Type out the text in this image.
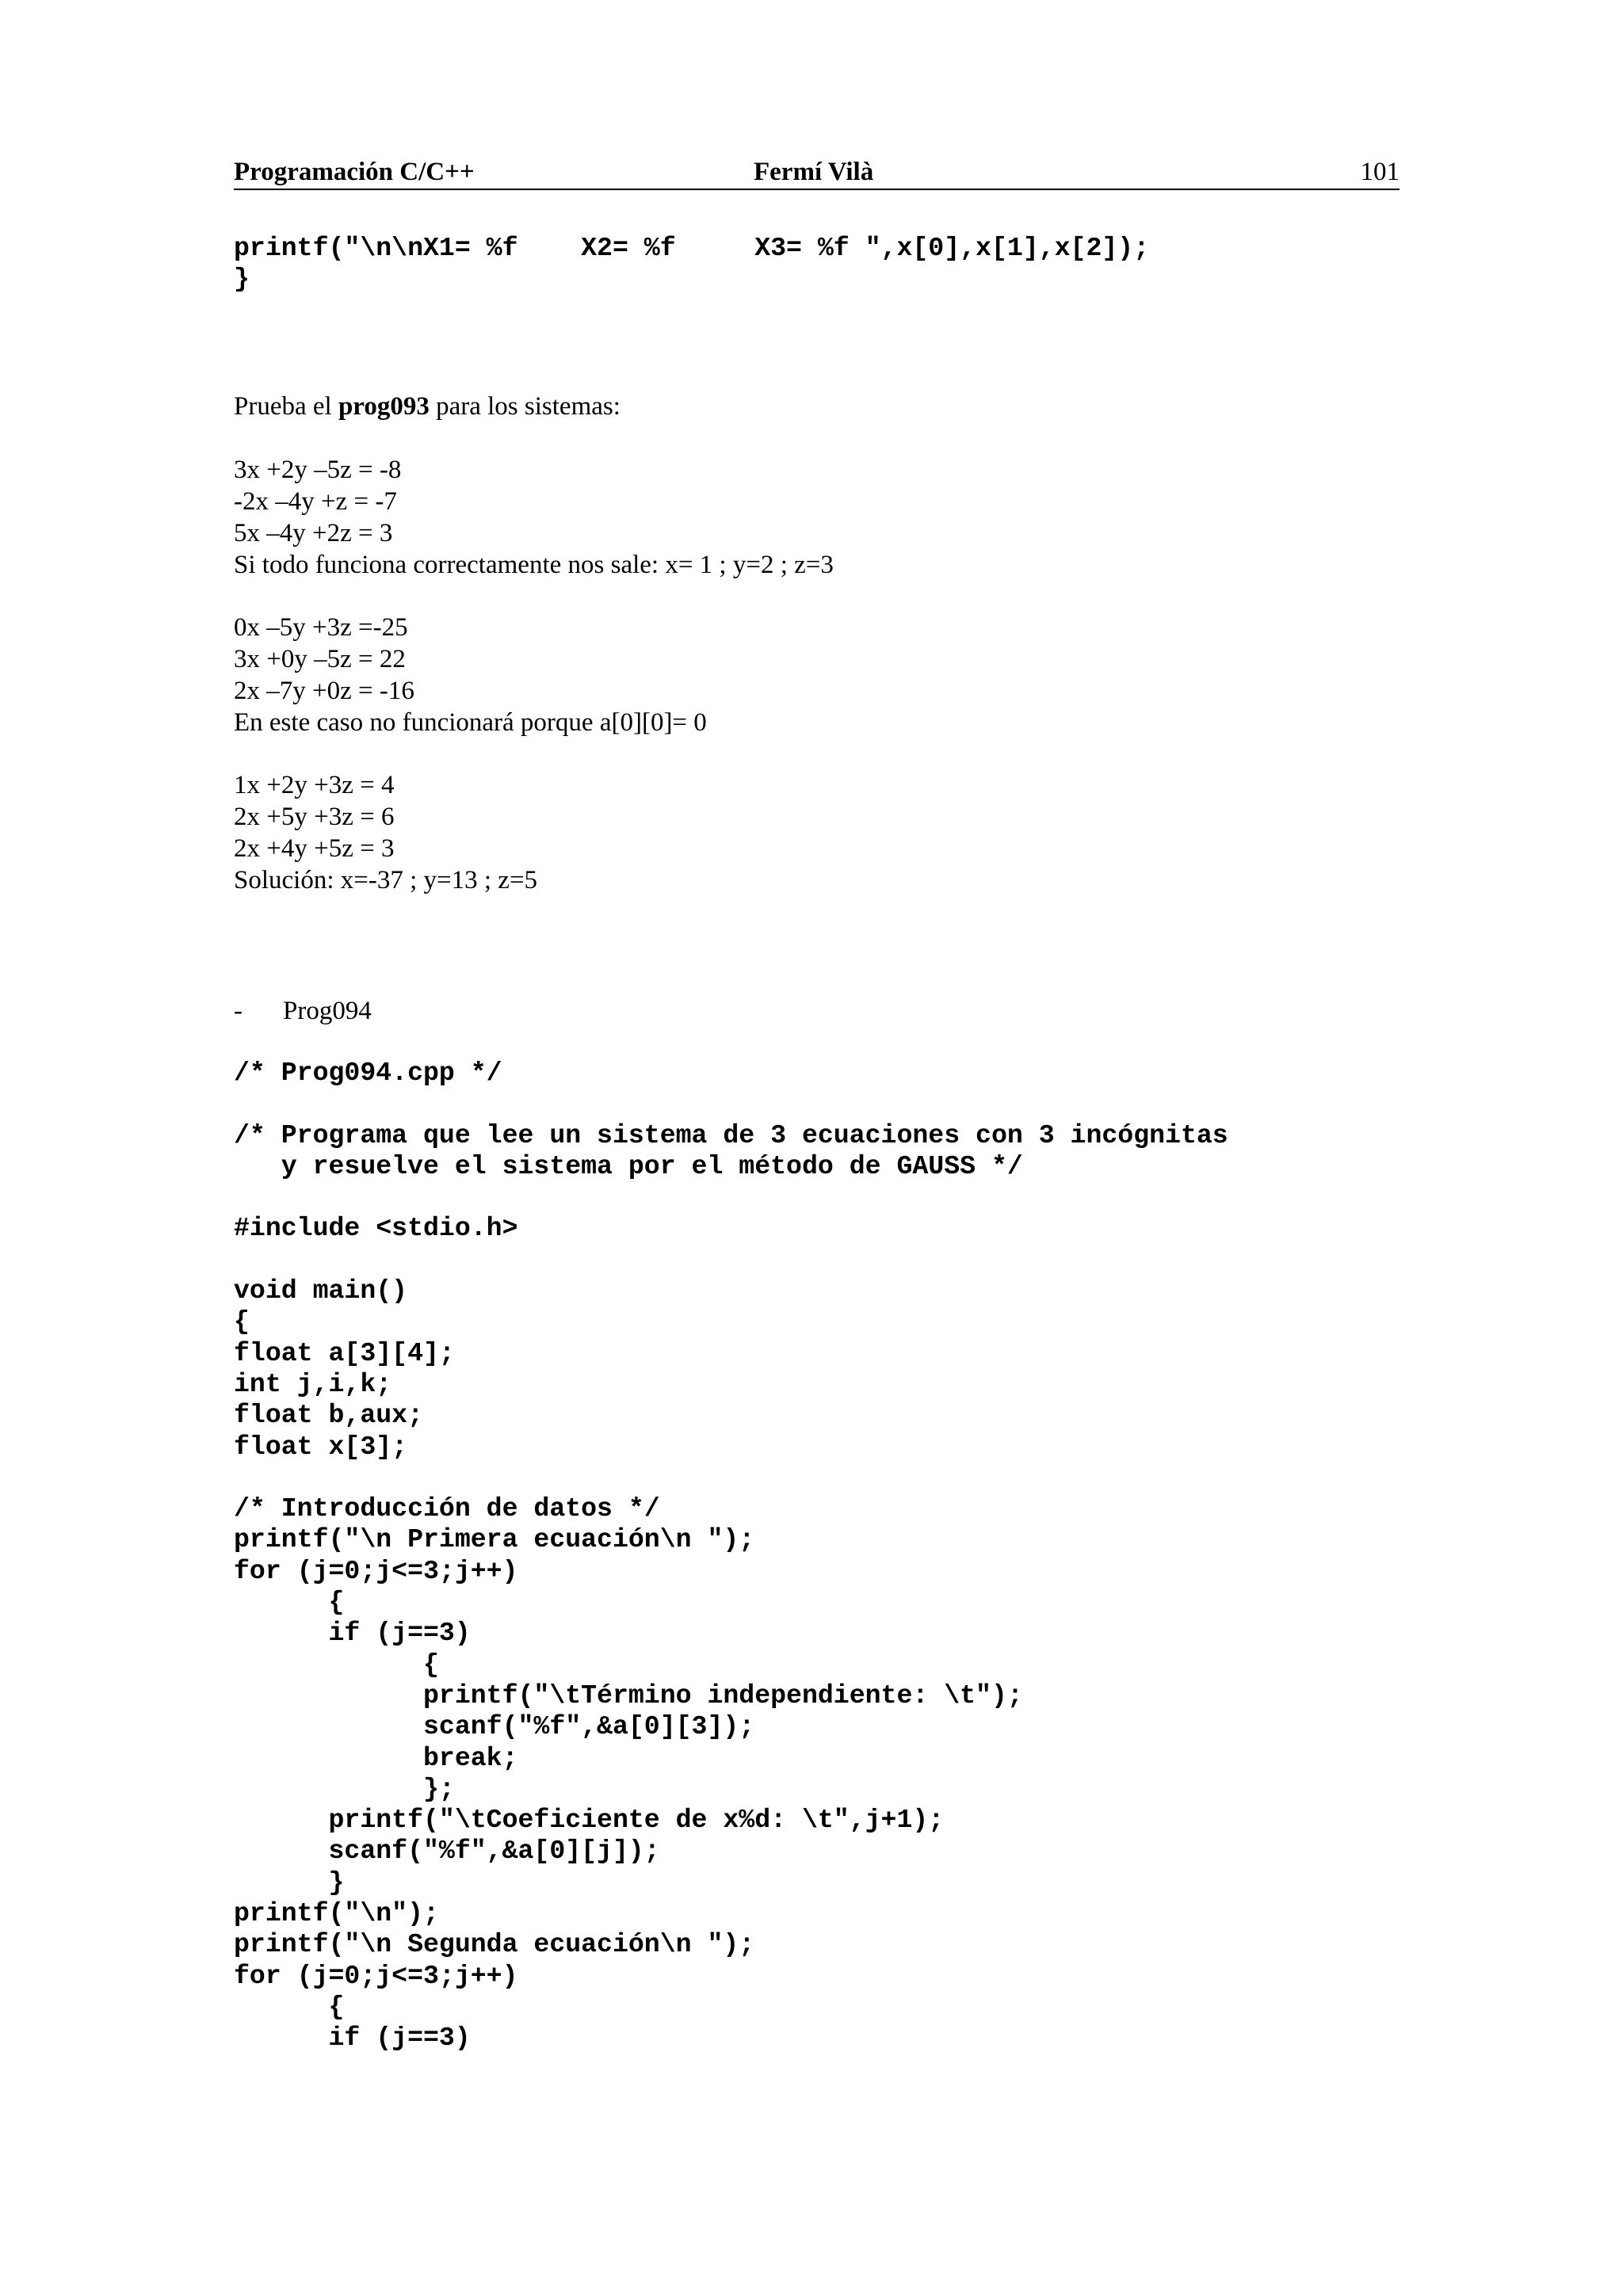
Programación C/C++	Fermí Vilà	101
printf("\n\nX1= %f    X2= %f     X3= %f ",x[0],x[1],x[2]);
}
Prueba el prog093 para los sistemas:

3x +2y –5z = -8

-2x –4y +z = -7

5x –4y +2z = 3

Si todo funciona correctamente nos sale: x= 1 ; y=2 ; z=3

0x –5y +3z =-25

3x +0y –5z = 22

2x –7y +0z = -16

En este caso no funcionará porque a[0][0]= 0

1x +2y +3z = 4

2x +5y +3z = 6

2x +4y +5z = 3

Solución: x=-37 ; y=13 ; z=5

- Prog094
/* Prog094.cpp */

/* Programa que lee un sistema de 3 ecuaciones con 3 incógnitas
y resuelve el sistema por el método de GAUSS */

#include <stdio.h>

void main()
{
float a[3][4];
int j,i,k;
float b,aux;
float x[3];

/* Introducción de datos */
printf("\n Primera ecuación\n ");
for (j=0;j<=3;j++)
{
if (j==3)
{
printf("\tTérmino independiente: \t");
scanf("%f",&a[0][3]);
break;
};
printf("\tCoeficiente de x%d: \t",j+1);
scanf("%f",&a[0][j]);
}
printf("\n");
printf("\n Segunda ecuación\n ");
for (j=0;j<=3;j++)
{
if (j==3)
